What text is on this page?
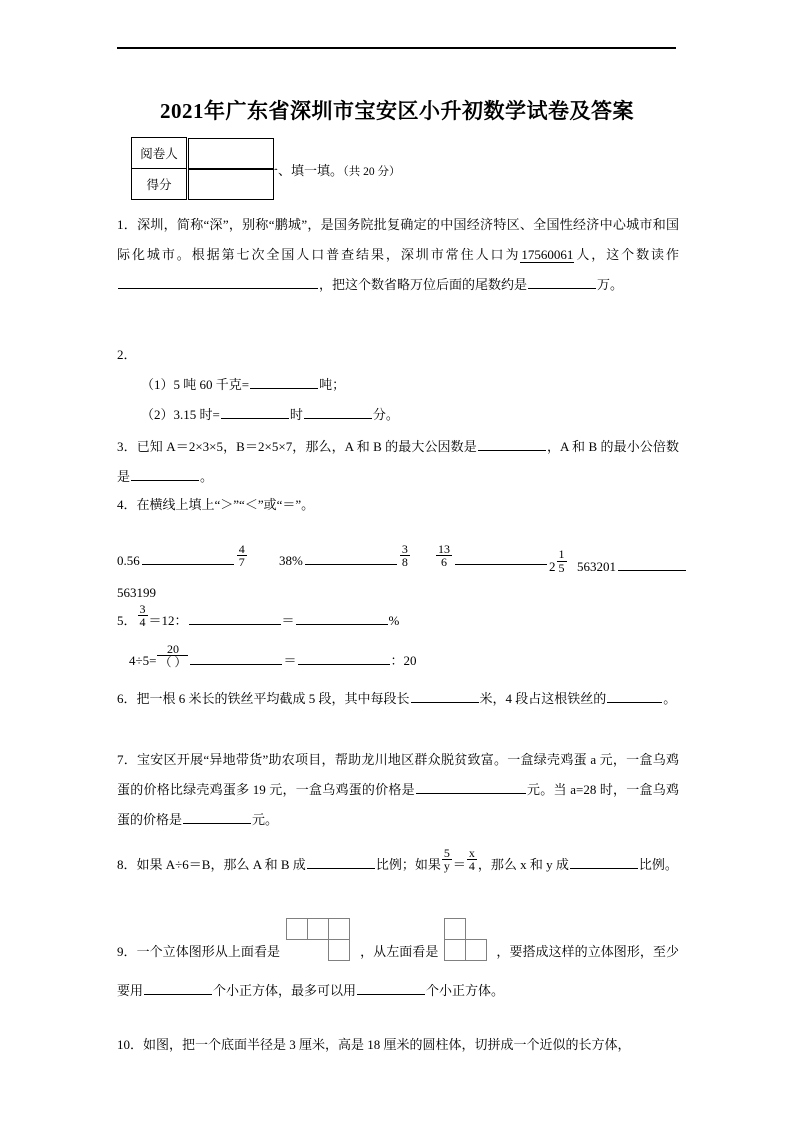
2021年广东省深圳市宝安区小升初数学试卷及答案
阅卷人	
得分	
一、填一填。（共 20 分）
1．深圳，简称“深”，别称“鹏城”，是国务院批复确定的中国经济特区、全国性经济中心城市和国际化城市。根据第七次全国人口普查结果，深圳市常住人口为17560061人，这个数读作，把这个数省略万位后面的尾数约是	万。
2．
（1）5 吨 60 千克=	吨；
（2）3.15 时=	时	分。
3．已知 A＝2×3×5，B＝2×5×7，那么，A 和 B 的最大公因数是	，A 和 B 的最小公倍数是	。
4．在横线上填上“＞”“＜”或“＝”。
0.56	$\frac{4}{7} 38\%$	$\frac{3}{8} \frac{13}{6}$	$2 \frac{1}{5} 563201$
563199
5． $\frac{3}{4} =12$：	＝	%
$4\div 5= \frac{20}{( )}$	＝	：20
6．把一根 6 米长的铁丝平均截成 5 段，其中每段长	米，4 段占这根铁丝的	。
7．宝安区开展“异地带货”助农项目，帮助龙川地区群众脱贫致富。一盒绿壳鸡蛋 a 元，一盒乌鸡蛋的价格比绿壳鸡蛋多 19 元，一盒乌鸡蛋的价格是	元。当 a=28 时，一盒乌鸡蛋的价格是	元。
8．如果 A÷6＝B，那么 A 和 B 成	比例；如果 $\frac{5}{y} = \frac{x}{4}$ ，那么 x 和 y 成	比例。
9．一个立体图形从上面看是	，从左面看是	，要搭成这样的立体图形，至少要用	个小正方体，最多可以用	个小正方体。
10．如图，把一个底面半径是 3 厘米，高是 18 厘米的圆柱体，切拼成一个近似的长方体，
